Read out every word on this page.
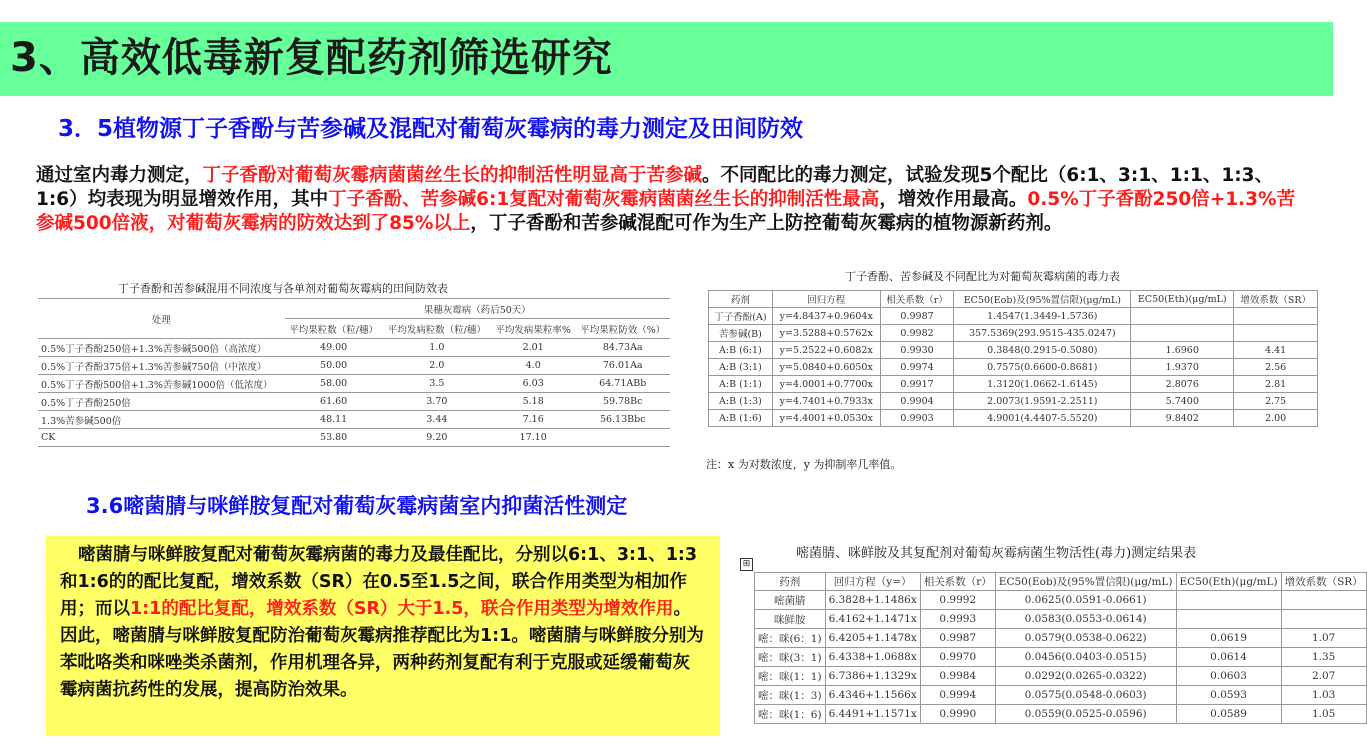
3、高效低毒新复配药剂筛选研究
3．5植物源丁子香酚与苦参碱及混配对葡萄灰霉病的毒力测定及田间防效
通过室内毒力测定，丁子香酚对葡萄灰霉病菌菌丝生长的抑制活性明显高于苦参碱。不同配比的毒力测定，试验发现5个配比（6:1、3:1、1:1、1:3、1:6）均表现为明显增效作用，其中丁子香酚、苦参碱6:1复配对葡萄灰霉病菌菌丝生长的抑制活性最高，增效作用最高。0.5%丁子香酚250倍+1.3%苦参碱500倍液，对葡萄灰霉病的防效达到了85%以上，丁子香酚和苦参碱混配可作为生产上防控葡萄灰霉病的植物源新药剂。
丁子香酚和苦参碱混用不同浓度与各单剂对葡萄灰霉病的田间防效表
处理	果穗灰霉病（药后50天）			
	平均果粒数（粒/穗）	平均发病粒数（粒/穗）	平均发病果粒率%	平均果粒防效（%）
0.5%丁子香酚250倍+1.3%苦参碱500倍（高浓度）	49.00	1.0	2.01	84.73Aa
0.5%丁子香酚375倍+1.3%苦参碱750倍（中浓度）	50.00	2.0	4.0	76.01Aa
0.5%丁子香酚500倍+1.3%苦参碱1000倍（低浓度）	58.00	3.5	6.03	64.71ABb
0.5%丁子香酚250倍	61.60	3.70	5.18	59.78Bc
1.3%苦参碱500倍	48.11	3.44	7.16	56.13Bbc
CK	53.80	9.20	17.10	
丁子香酚、苦参碱及不同配比为对葡萄灰霉病菌的毒力表
药剂	回归方程	相关系数（r）	EC50(Eob)及(95%置信限)(μg/mL)	EC50(Eth)(μg/mL)	增效系数（SR）
丁子香酚(A)	y=4.8437+0.9604x	0.9987	1.4547(1.3449-1.5736)		
苦参碱(B)	y=3.5288+0.5762x	0.9982	357.5369(293.9515-435.0247)		
A:B (6:1)	y=5.2522+0.6082x	0.9930	0.3848(0.2915-0.5080)	1.6960	4.41
A:B (3:1)	y=5.0840+0.6050x	0.9974	0.7575(0.6600-0.8681)	1.9370	2.56
A:B (1:1)	y=4.0001+0.7700x	0.9917	1.3120(1.0662-1.6145)	2.8076	2.81
A:B (1:3)	y=4.7401+0.7933x	0.9904	2.0073(1.9591-2.2511)	5.7400	2.75
A:B (1:6)	y=4.4001+0.0530x	0.9903	4.9001(4.4407-5.5520)	9.8402	2.00
注：x 为对数浓度，y 为抑制率几率值。
3.6嘧菌腈与咪鲜胺复配对葡萄灰霉病菌室内抑菌活性测定

嘧菌腈与咪鲜胺复配对葡萄灰霉病菌的毒力及最佳配比，分别以6:1、3:1、1:3和1:6的的配比复配，增效系数（SR）在0.5至1.5之间，联合作用类型为相加作用；而以1:1的配比复配，增效系数（SR）大于1.5，联合作用类型为增效作用。因此，嘧菌腈与咪鲜胺复配防治葡萄灰霉病推荐配比为1:1。嘧菌腈与咪鲜胺分别为苯吡咯类和咪唑类杀菌剂，作用机理各异，两种药剂复配有利于克服或延缓葡萄灰霉病菌抗药性的发展，提高防治效果。

⊞
嘧菌腈、咪鲜胺及其复配剂对葡萄灰霉病菌生物活性(毒力)测定结果表
药剂	回归方程（y=）	相关系数（r）	EC50(Eob)及(95%置信限)(μg/mL)	EC50(Eth)(μg/mL)	增效系数（SR）
嘧菌腈	6.3828+1.1486x	0.9992	0.0625(0.0591-0.0661)		
咪鲜胺	6.4162+1.1471x	0.9993	0.0583(0.0553-0.0614)		
嘧：咪(6：1)	6.4205+1.1478x	0.9987	0.0579(0.0538-0.0622)	0.0619	1.07
嘧：咪(3：1)	6.4338+1.0688x	0.9970	0.0456(0.0403-0.0515)	0.0614	1.35
嘧：咪(1：1)	6.7386+1.1329x	0.9984	0.0292(0.0265-0.0322)	0.0603	2.07
嘧：咪(1：3)	6.4346+1.1566x	0.9994	0.0575(0.0548-0.0603)	0.0593	1.03
嘧：咪(1：6)	6.4491+1.1571x	0.9990	0.0559(0.0525-0.0596)	0.0589	1.05
